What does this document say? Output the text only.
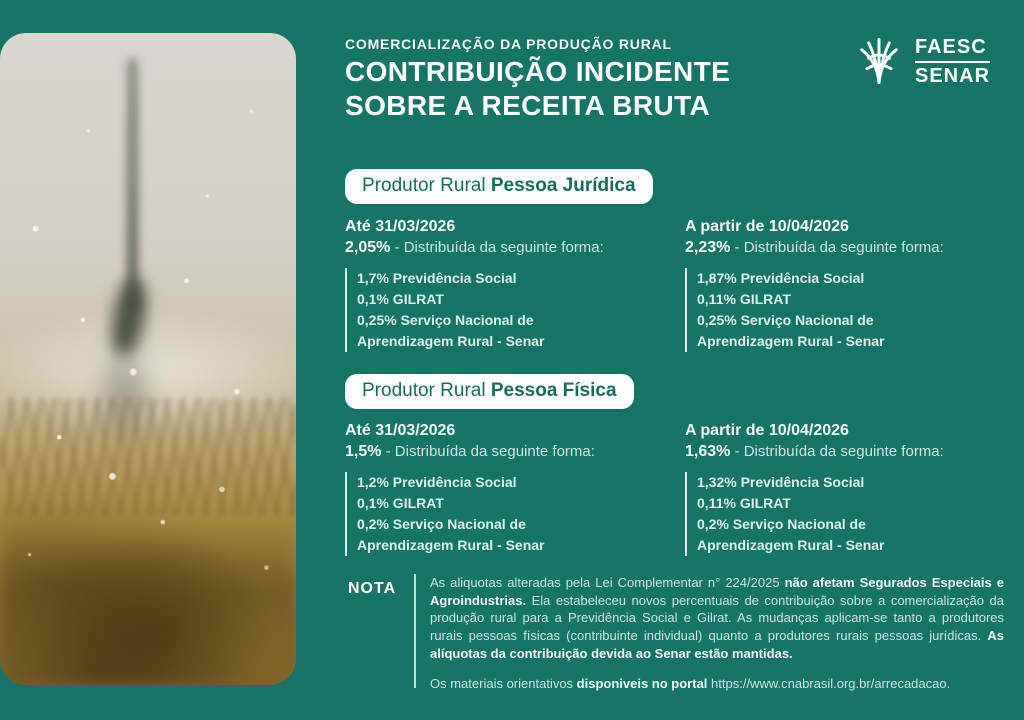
COMERCIALIZAÇÃO DA PRODUÇÃO RURAL
CONTRIBUIÇÃO INCIDENTE
SOBRE A RECEITA BRUTA
FAESC
SENAR
Produtor Rural Pessoa Jurídica
Até 31/03/2026
2,05% - Distribuída da seguinte forma:
1,7% Previdência Social
0,1% GILRAT
0,25% Serviço Nacional de Aprendizagem Rural - Senar
A partir de 10/04/2026
2,23% - Distribuída da seguinte forma:
1,87% Previdência Social
0,11% GILRAT
0,25% Serviço Nacional de Aprendizagem Rural - Senar
Produtor Rural Pessoa Física
Até 31/03/2026
1,5% - Distribuída da seguinte forma:
1,2% Previdência Social
0,1% GILRAT
0,2% Serviço Nacional de Aprendizagem Rural - Senar
A partir de 10/04/2026
1,63% - Distribuída da seguinte forma:
1,32% Previdência Social
0,11% GILRAT
0,2% Serviço Nacional de Aprendizagem Rural - Senar
NOTA	As aliquotas alteradas pela Lei Complementar n° 224/2025 não afetam Segurados Especiais e Agroindustrias. Ela estabeleceu novos percentuais de contribuição sobre a comercialização da produção rural para a Previdência Social e Gilrat. As mudanças aplicam-se tanto a produtores rurais pessoas físicas (contribuinte individual) quanto a produtores rurais pessoas jurídicas. As alíquotas da contribuição devida ao Senar estão mantidas.

Os materiais orientativos disponiveis no portal https://www.cnabrasil.org.br/arrecadacao.
